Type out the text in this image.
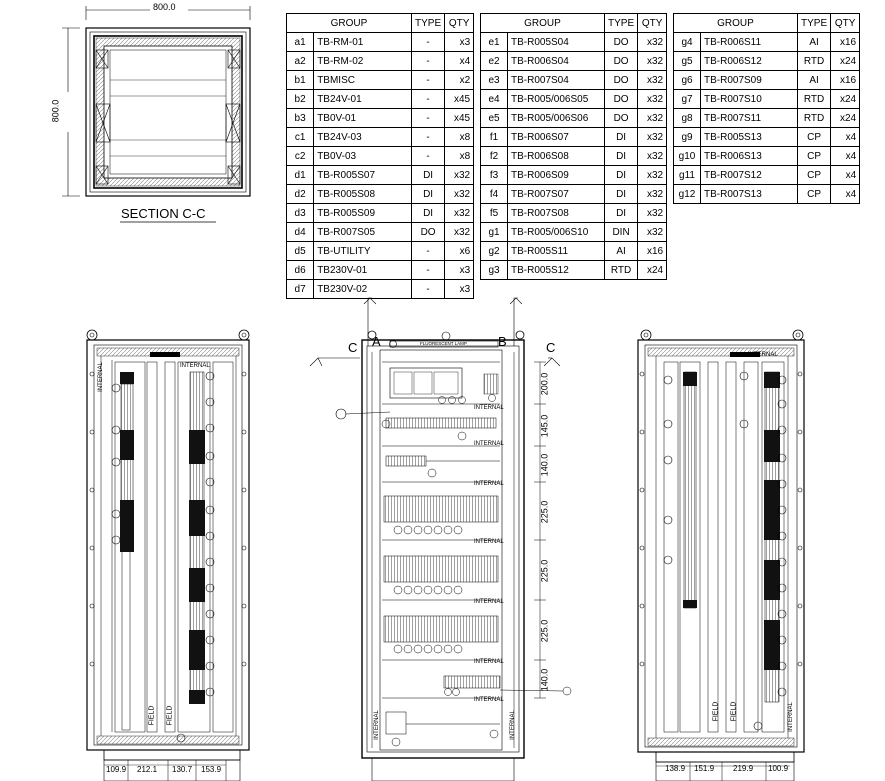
800.0
800.0
SECTION C-C
GROUP		TYPE	QTY
a1	TB-RM-01	-	x3
a2	TB-RM-02	-	x4
b1	TBMISC	-	x2
b2	TB24V-01	-	x45
b3	TB0V-01	-	x45
c1	TB24V-03	-	x8
c2	TB0V-03	-	x8
d1	TB-R005S07	DI	x32
d2	TB-R005S08	DI	x32
d3	TB-R005S09	DI	x32
d4	TB-R007S05	DO	x32
d5	TB-UTILITY	-	x6
d6	TB230V-01	-	x3
d7	TB230V-02	-	x3
GROUP		TYPE	QTY
e1	TB-R005S04	DO	x32
e2	TB-R006S04	DO	x32
e3	TB-R007S04	DO	x32
e4	TB-R005/006S05	DO	x32
e5	TB-R005/006S06	DO	x32
f1	TB-R006S07	DI	x32
f2	TB-R006S08	DI	x32
f3	TB-R006S09	DI	x32
f4	TB-R007S07	DI	x32
f5	TB-R007S08	DI	x32
g1	TB-R005/006S10	DIN	x32
g2	TB-R005S11	AI	x16
g3	TB-R005S12	RTD	x24
GROUP		TYPE	QTY
g4	TB-R006S11	AI	x16
g5	TB-R006S12	RTD	x24
g6	TB-R007S09	AI	x16
g7	TB-R007S10	RTD	x24
g8	TB-R007S11	RTD	x24
g9	TB-R005S13	CP	x4
g10	TB-R006S13	CP	x4
g11	TB-R007S12	CP	x4
g12	TB-R007S13	CP	x4
C A	B	C
FLUORESCENT LAMP
INTERNAL
INTERNAL
INTERNAL
INTERNAL
INTERNAL
INTERNAL
INTERNAL
INTERNAL	INTERNAL
200.0
145.0
140.0
225.0
225.0
225.0
140.0
INTERNAL	INTERNAL
FIELD FIELD
109.9 212.1 130.7 153.9
INTERNAL
INTERNAL
FIELD FIELD
138.9 151.9 219.9 100.9
